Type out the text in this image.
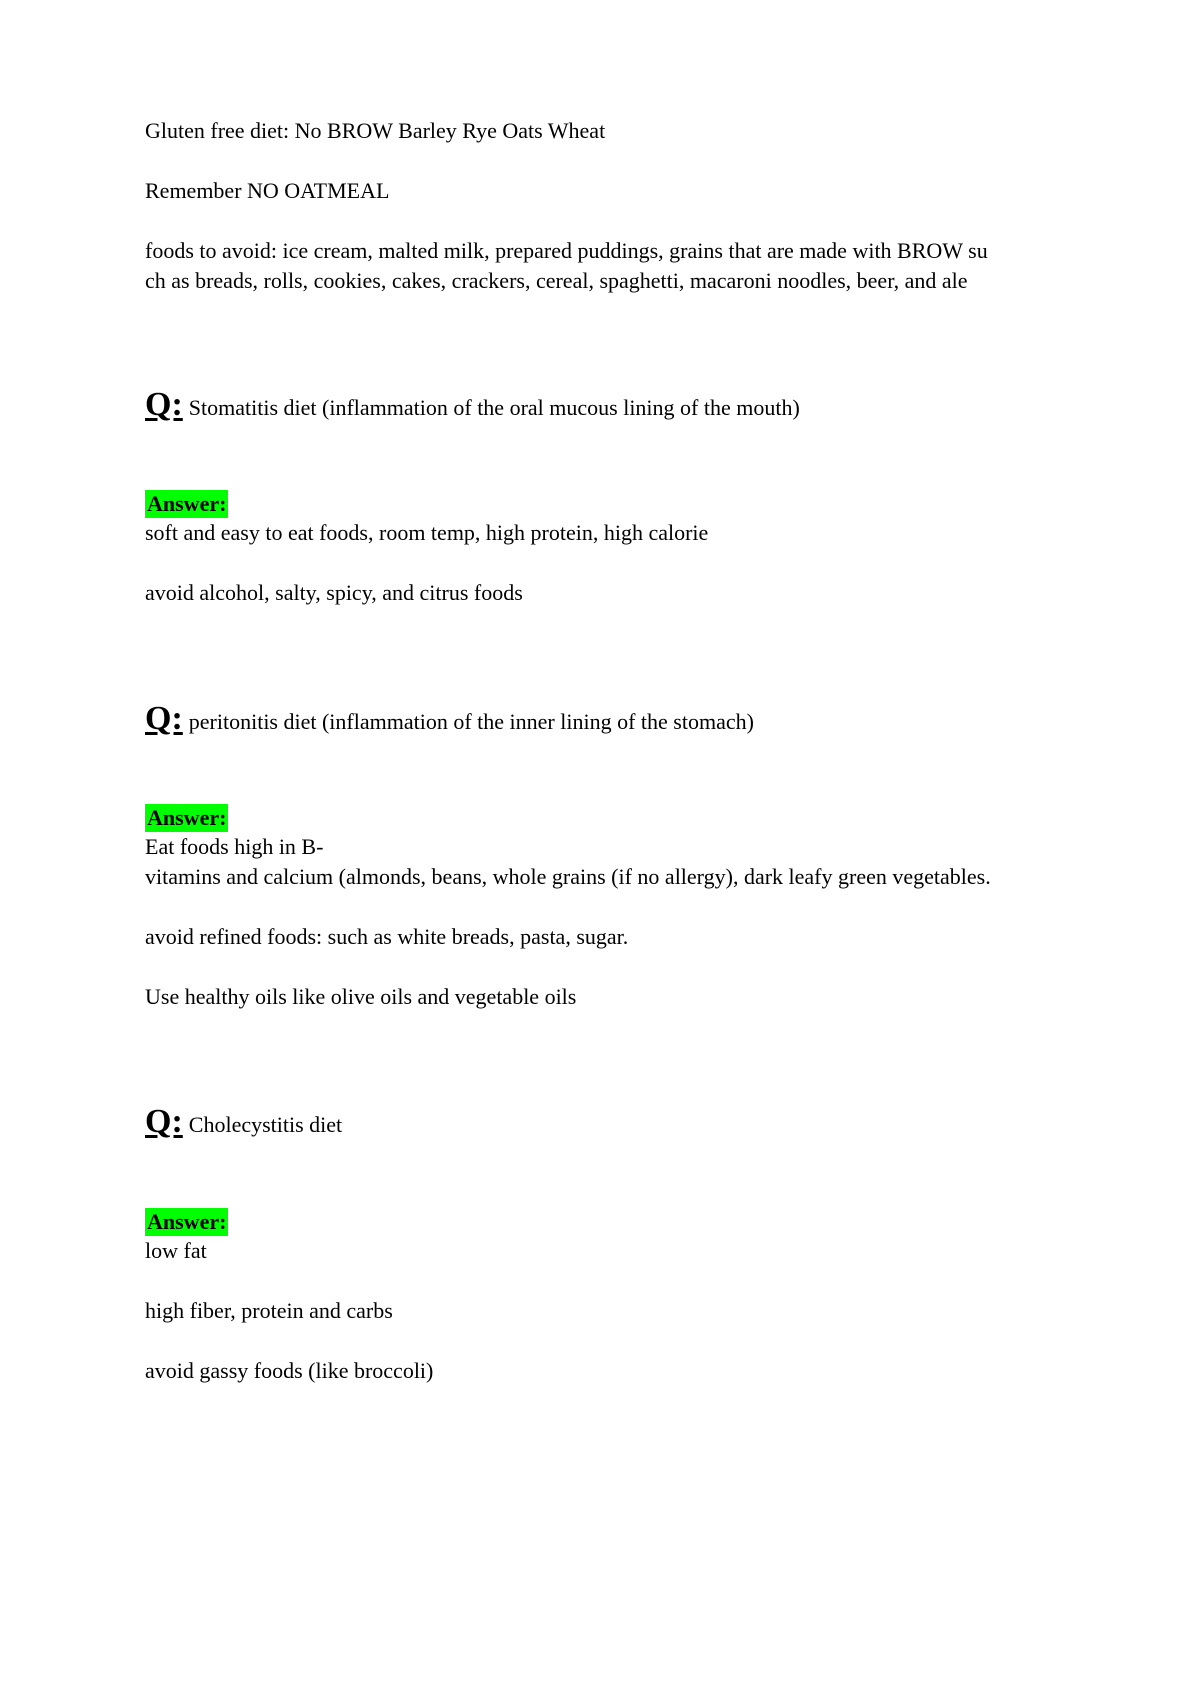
Gluten free diet: No BROW Barley Rye Oats Wheat
Remember NO OATMEAL
foods to avoid: ice cream, malted milk, prepared puddings, grains that are made with BROW su
ch as breads, rolls, cookies, cakes, crackers, cereal, spaghetti, macaroni noodles, beer, and ale
Q: Stomatitis diet (inflammation of the oral mucous lining of the mouth)
Answer:
soft and easy to eat foods, room temp, high protein, high calorie
avoid alcohol, salty, spicy, and citrus foods
Q: peritonitis diet (inflammation of the inner lining of the stomach)
Answer:
Eat foods high in B-
vitamins and calcium (almonds, beans, whole grains (if no allergy), dark leafy green vegetables.
avoid refined foods: such as white breads, pasta, sugar.
Use healthy oils like olive oils and vegetable oils
Q: Cholecystitis diet
Answer:
low fat
high fiber, protein and carbs
avoid gassy foods (like broccoli)
